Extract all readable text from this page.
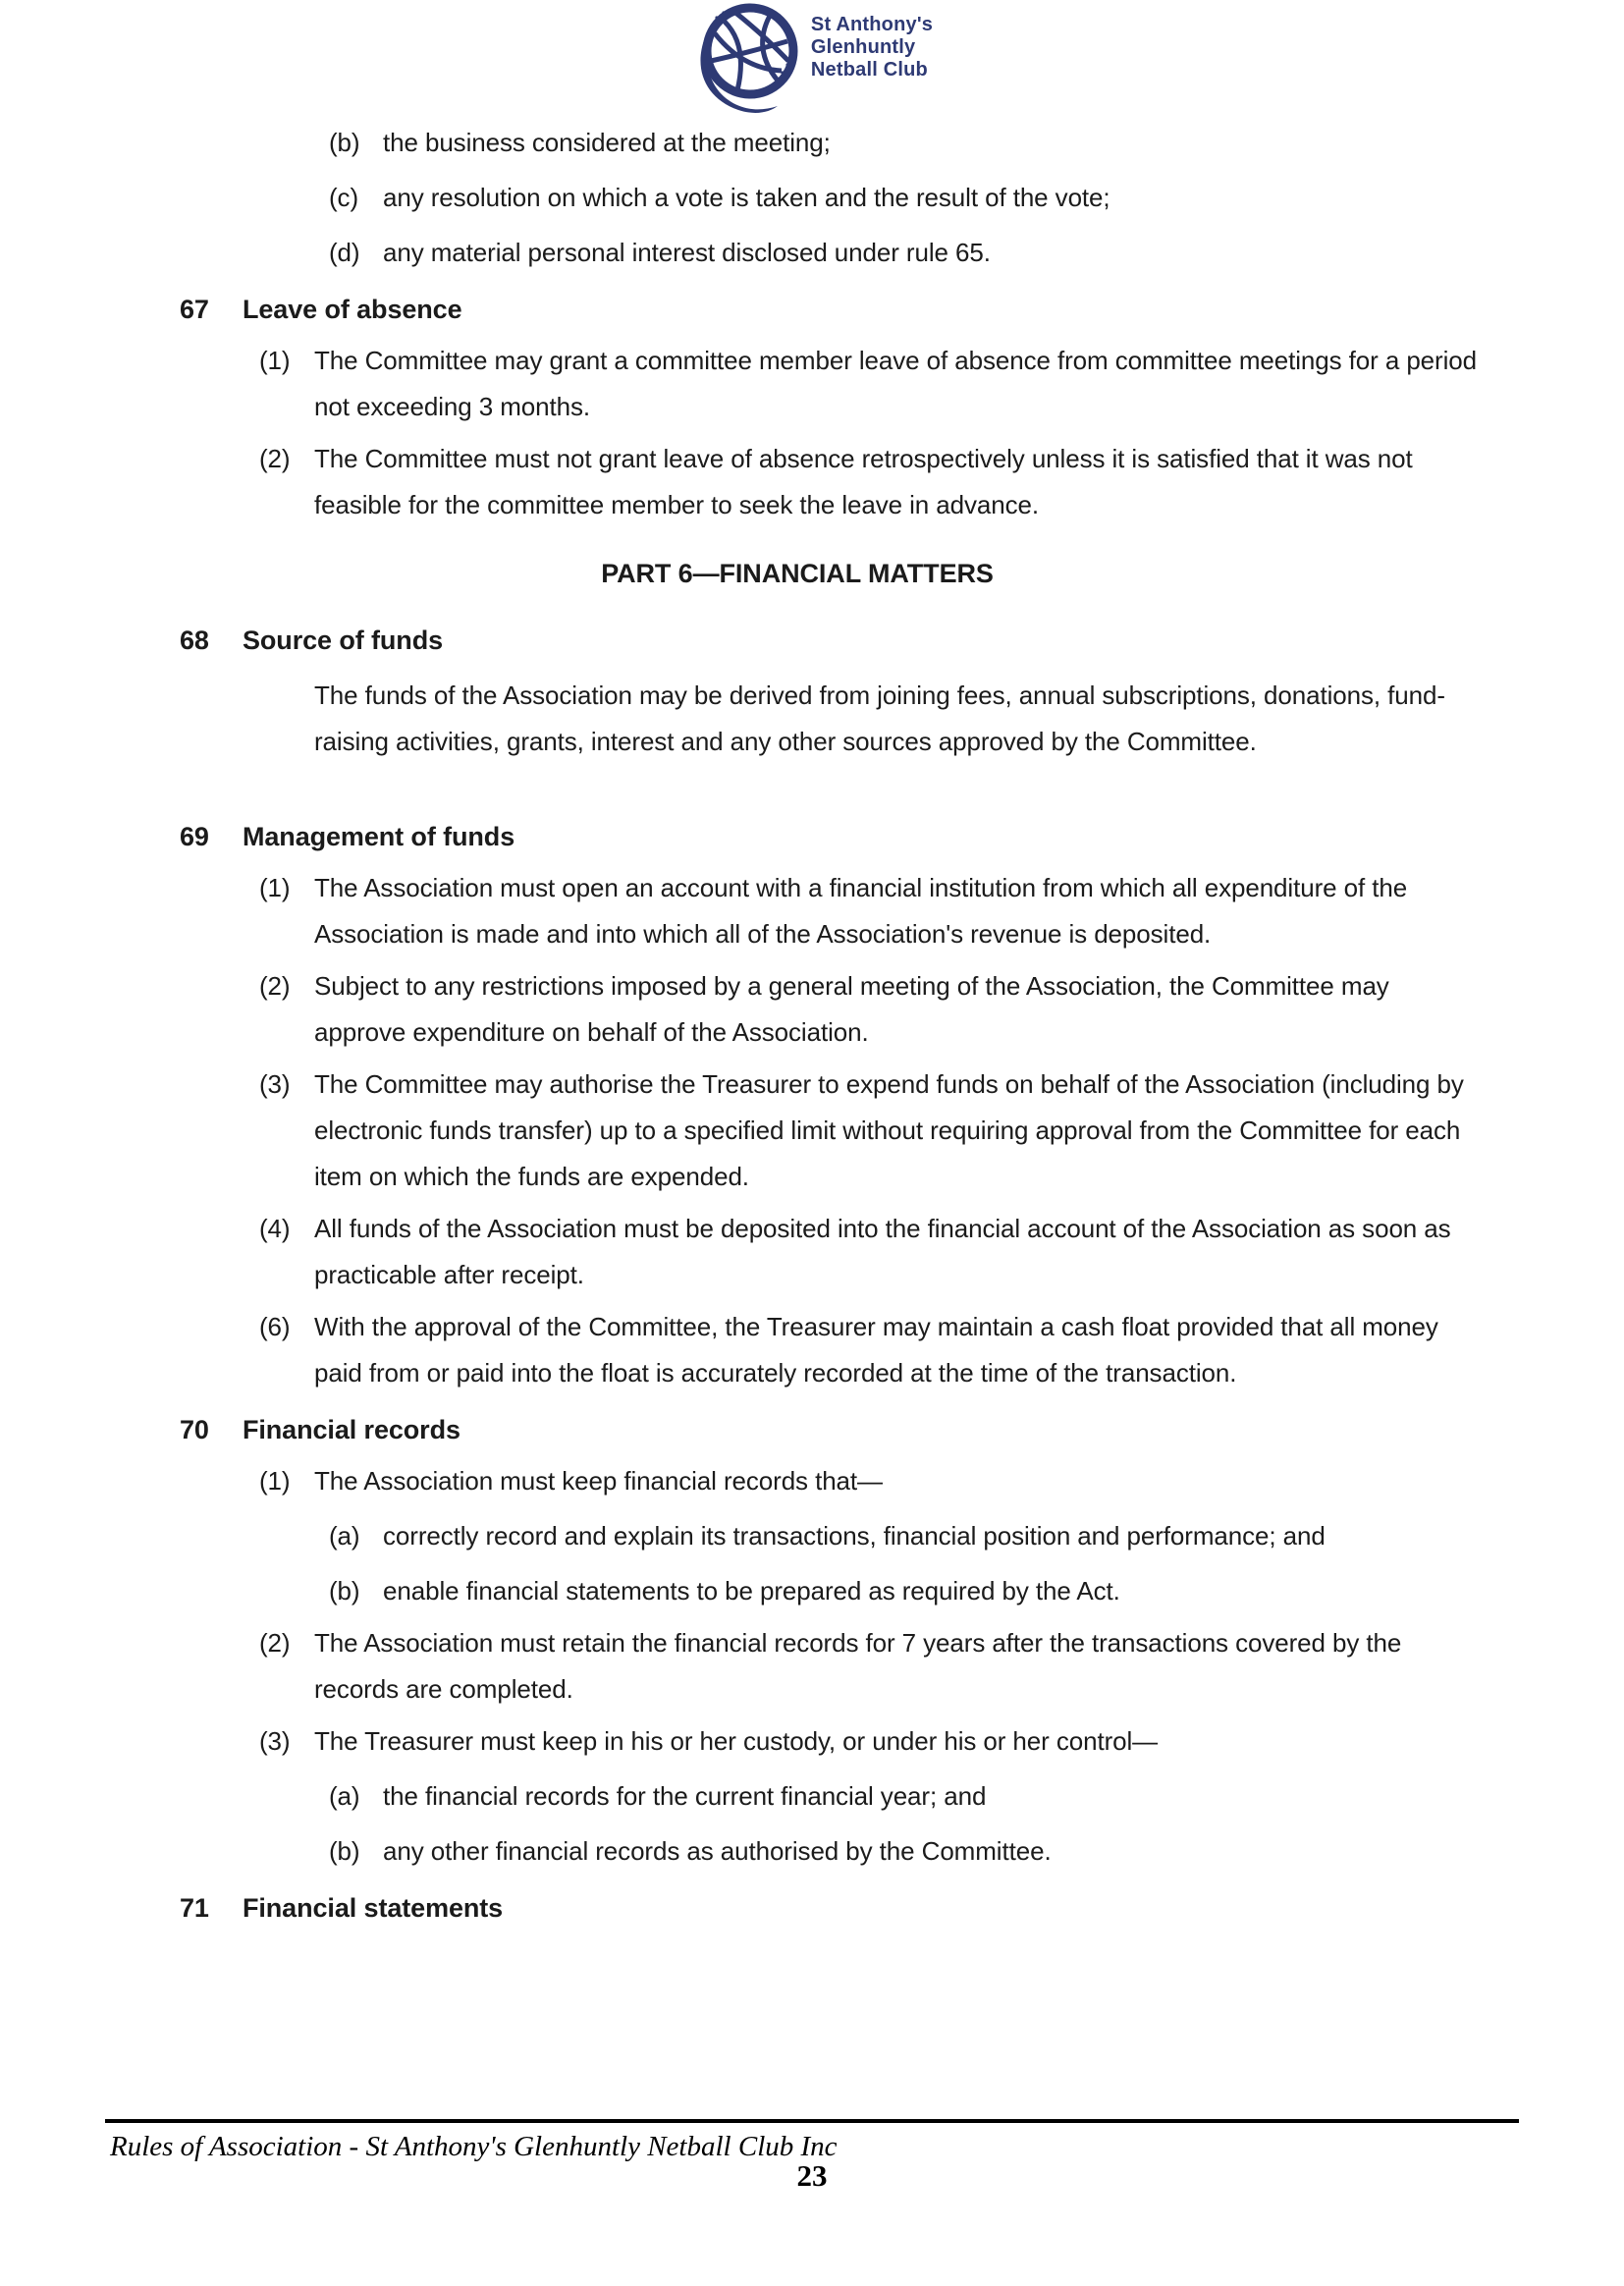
St Anthony's
Glenhuntly
Netball Club
(b) the business considered at the meeting;
(c) any resolution on which a vote is taken and the result of the vote;
(d) any material personal interest disclosed under rule 65.
67	Leave of absence
(1) The Committee may grant a committee member leave of absence from committee meetings for a period not exceeding 3 months.
(2) The Committee must not grant leave of absence retrospectively unless it is satisfied that it was not feasible for the committee member to seek the leave in advance.
PART 6—FINANCIAL MATTERS
68	Source of funds
The funds of the Association may be derived from joining fees, annual subscriptions, donations, fund-raising activities, grants, interest and any other sources approved by the Committee.
69	Management of funds
(1) The Association must open an account with a financial institution from which all expenditure of the Association is made and into which all of the Association's revenue is deposited.
(2) Subject to any restrictions imposed by a general meeting of the Association, the Committee may approve expenditure on behalf of the Association.
(3) The Committee may authorise the Treasurer to expend funds on behalf of the Association (including by electronic funds transfer) up to a specified limit without requiring approval from the Committee for each item on which the funds are expended.
(4) All funds of the Association must be deposited into the financial account of the Association as soon as practicable after receipt.
(6) With the approval of the Committee, the Treasurer may maintain a cash float provided that all money paid from or paid into the float is accurately recorded at the time of the transaction.
70	Financial records
(1) The Association must keep financial records that—
(a) correctly record and explain its transactions, financial position and performance; and
(b) enable financial statements to be prepared as required by the Act.
(2) The Association must retain the financial records for 7 years after the transactions covered by the records are completed.
(3) The Treasurer must keep in his or her custody, or under his or her control—
(a) the financial records for the current financial year; and
(b) any other financial records as authorised by the Committee.
71	Financial statements
Rules of Association - St Anthony's Glenhuntly Netball Club Inc
23
